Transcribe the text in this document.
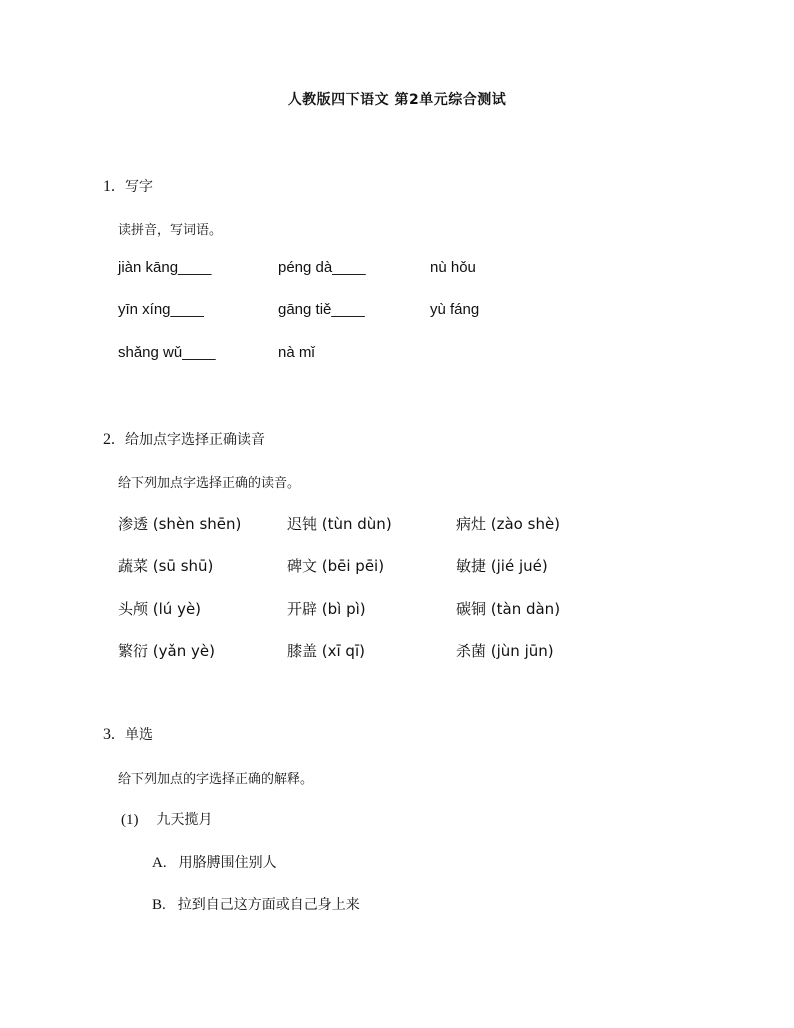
人教版四下语文 第2单元综合测试
1. 写字
读拼音，写词语。
jiàn kāng____	péng dà____	nù hǒu
yīn xíng____	gāng tiě____	yù fáng
shǎng wǔ____	nà mǐ
2. 给加点字选择正确读音
给下列加点字选择正确的读音。
渗透 (shèn shēn)	迟钝 (tùn dùn)	病灶 (zào shè)
蔬菜 (sū shū)	碑文 (bēi pēi)	敏捷 (jié jué)
头颅 (lú yè)	开辟 (bì pì)	碳铜 (tàn dàn)
繁衍 (yǎn yè)	膝盖 (xī qī)	杀菌 (jùn jūn)
3. 单选
给下列加点的字选择正确的解释。
(1) 九天揽月
A. 用胳膊围住别人
B. 拉到自己这方面或自己身上来
